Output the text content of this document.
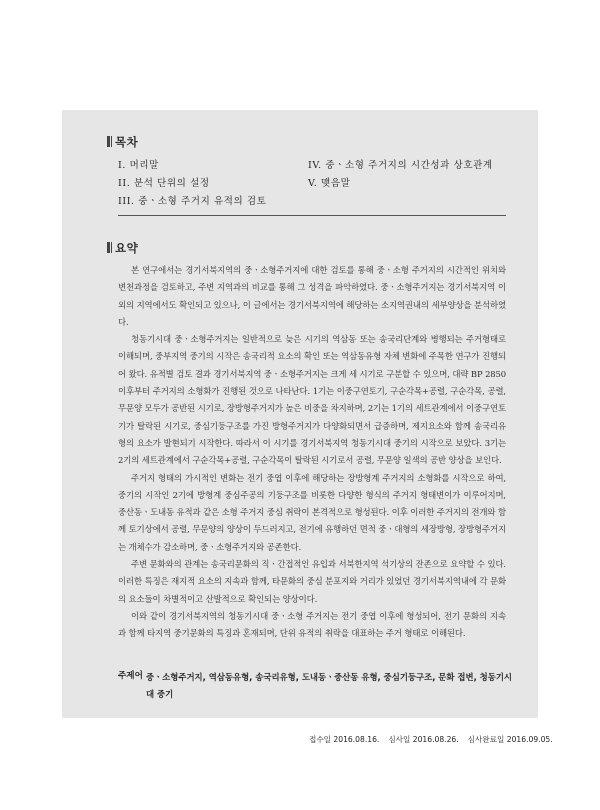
목차
I. 머리말
II. 분석 단위의 설정
III. 중ㆍ소형 주거지 유적의 검토
IV. 중ㆍ소형 주거지의 시간성과 상호관계
V. 맺음말
요약

본 연구에서는 경기서북지역의 중ㆍ소형주거지에 대한 검토를 통해 중ㆍ소형 주거지의 시간적인 위치와 변천과정을 검토하고, 주변 지역과의 비교를 통해 그 성격을 파악하였다. 중ㆍ소형주거지는 경기서북지역 이외의 지역에서도 확인되고 있으나, 이 글에서는 경기서북지역에 해당하는 소지역권내의 세부양상을 분석하였다.

청동기시대 중ㆍ소형주거지는 일반적으로 늦은 시기의 역삼동 또는 송국리단계와 병행되는 주거형태로 이해되며, 중부지역 중기의 시작은 송국리적 요소의 확인 또는 역삼동유형 자체 변화에 주목한 연구가 진행되어 왔다. 유적별 검토 결과 경기서북지역 중ㆍ소형주거지는 크게 세 시기로 구분할 수 있으며, 대략 BP 2850 이후부터 주거지의 소형화가 진행된 것으로 나타난다. 1기는 이중구연토기, 구순각목+공렬, 구순각목, 공렬, 무문양 모두가 공반된 시기로, 장방형주거지가 높은 비중을 차지하며, 2기는 1기의 세트관계에서 이중구연토기가 탈락된 시기로, 중심기둥구조를 가진 방형주거지가 다양화되면서 급증하며, 제지요소와 함께 송국리유형의 요소가 발현되기 시작한다. 따라서 이 시기를 경기서북지역 청동기시대 중기의 시작으로 보았다. 3기는 2기의 세트관계에서 구순각목+공렬, 구순각목이 탈락된 시기로서 공렬, 무문양 일색의 공반 양상을 보인다.

주거지 형태의 가시적인 변화는 전기 중엽 이후에 해당하는 장방형계 주거지의 소형화를 시작으로 하여, 중기의 시작인 2기에 방형계 중심주공의 기둥구조를 비롯한 다양한 형식의 주거지 형태변이가 이루어지며, 중산동ㆍ도내동 유적과 같은 소형 주거지 중심 취락이 본격적으로 형성된다. 이후 이러한 주거지의 전개와 함께 토기상에서 공렬, 무문양의 양상이 두드러지고, 전기에 유행하던 면적 중ㆍ대형의 세장방형, 장방형주거지는 개체수가 감소하며, 중ㆍ소형주거지와 공존한다.

주변 문화와의 관계는 송국리문화의 직ㆍ간접적인 유입과 서북한지역 석기상의 잔존으로 요약할 수 있다. 이러한 특징은 재지적 요소의 지속과 함께, 타문화의 중심 분포지와 거리가 있었던 경기서북지역내에 각 문화의 요소들이 차별적이고 산발적으로 확인되는 양상이다.

이와 같이 경기서북지역의 청동기시대 중ㆍ소형 주거지는 전기 중엽 이후에 형성되어, 전기 문화의 지속과 함께 타지역 중기문화의 특징과 혼재되며, 단위 유적의 취락을 대표하는 주거 형태로 이해된다.

주제어 중ㆍ소형주거지, 역삼동유형, 송국리유형, 도내동ㆍ중산동 유형, 중심기둥구조, 문화 접변, 청동기시대 중기
접수일 2016.08.16. 심사일 2016.08.26. 심사완료일 2016.09.05.
